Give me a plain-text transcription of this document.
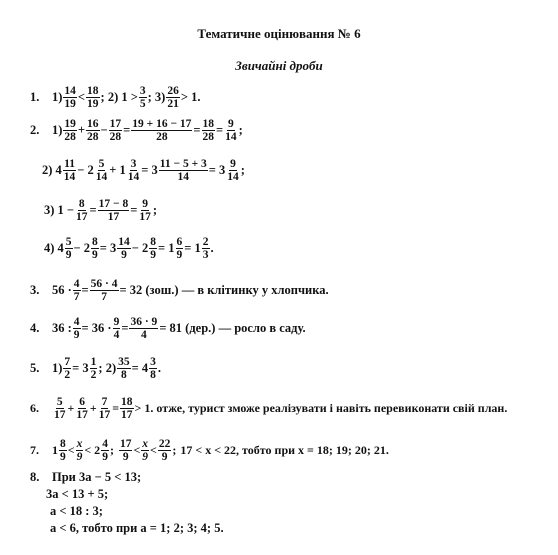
Тематичне оцінювання № 6
Звичайні дроби
1.	$1) \frac{14}{19} < \frac{18}{19}$ ; 2) $1 > \frac{3}{5}$ ; $3) \frac{26}{21} > 1$.
2.	$1) \frac{19}{28} + \frac{16}{28} - \frac{17}{28} = \frac{19 + 16 - 17}{28} = \frac{18}{28} = \frac{9}{14}$ ;
2) $4 \frac{11}{14} - 2 \frac{5}{14} + 1 \frac{3}{14} = 3 \frac{11 - 5 + 3}{14} = 3 \frac{9}{14}$ ;
3) $1 - \frac{8}{17} = \frac{17 - 8}{17} = \frac{9}{17}$ ;
4) $4 \frac{5}{9} - 2 \frac{8}{9} = 3 \frac{14}{9} - 2 \frac{8}{9} = 1 \frac{6}{9} = 1 \frac{2}{3}$ .
3.	$56 \cdot \frac{4}{7} = \frac{56 \cdot 4}{7} = 32$ (зош.) — в клітинку у хлопчика.
4.	36 : $\frac{4}{9} = 36 \cdot \frac{9}{4} = \frac{36 \cdot 9}{4} = 81$ (дер.) — росло в саду.
5.	$1) \frac{7}{2} = 3 \frac{1}{2}$ ; $2) \frac{35}{8} = 4 \frac{3}{8}$ .
6.	$\frac{5}{17} + \frac{6}{17} + \frac{7}{17} = \frac{18}{17} > 1$. отже, турист зможе реалізувати і навіть перевиконати свій план.
7.	$1 \frac{8}{9} < \frac{x}{9} < 2 \frac{4}{9}$ ; $\frac{17}{9} < \frac{x}{9} < \frac{22}{9}$ ; 17 < x < 22, тобто при x = 18; 19; 20; 21.
8.	При 3a − 5 < 13;
3a < 13 + 5;
a < 18 : 3;
a < 6, тобто при a = 1; 2; 3; 4; 5.
